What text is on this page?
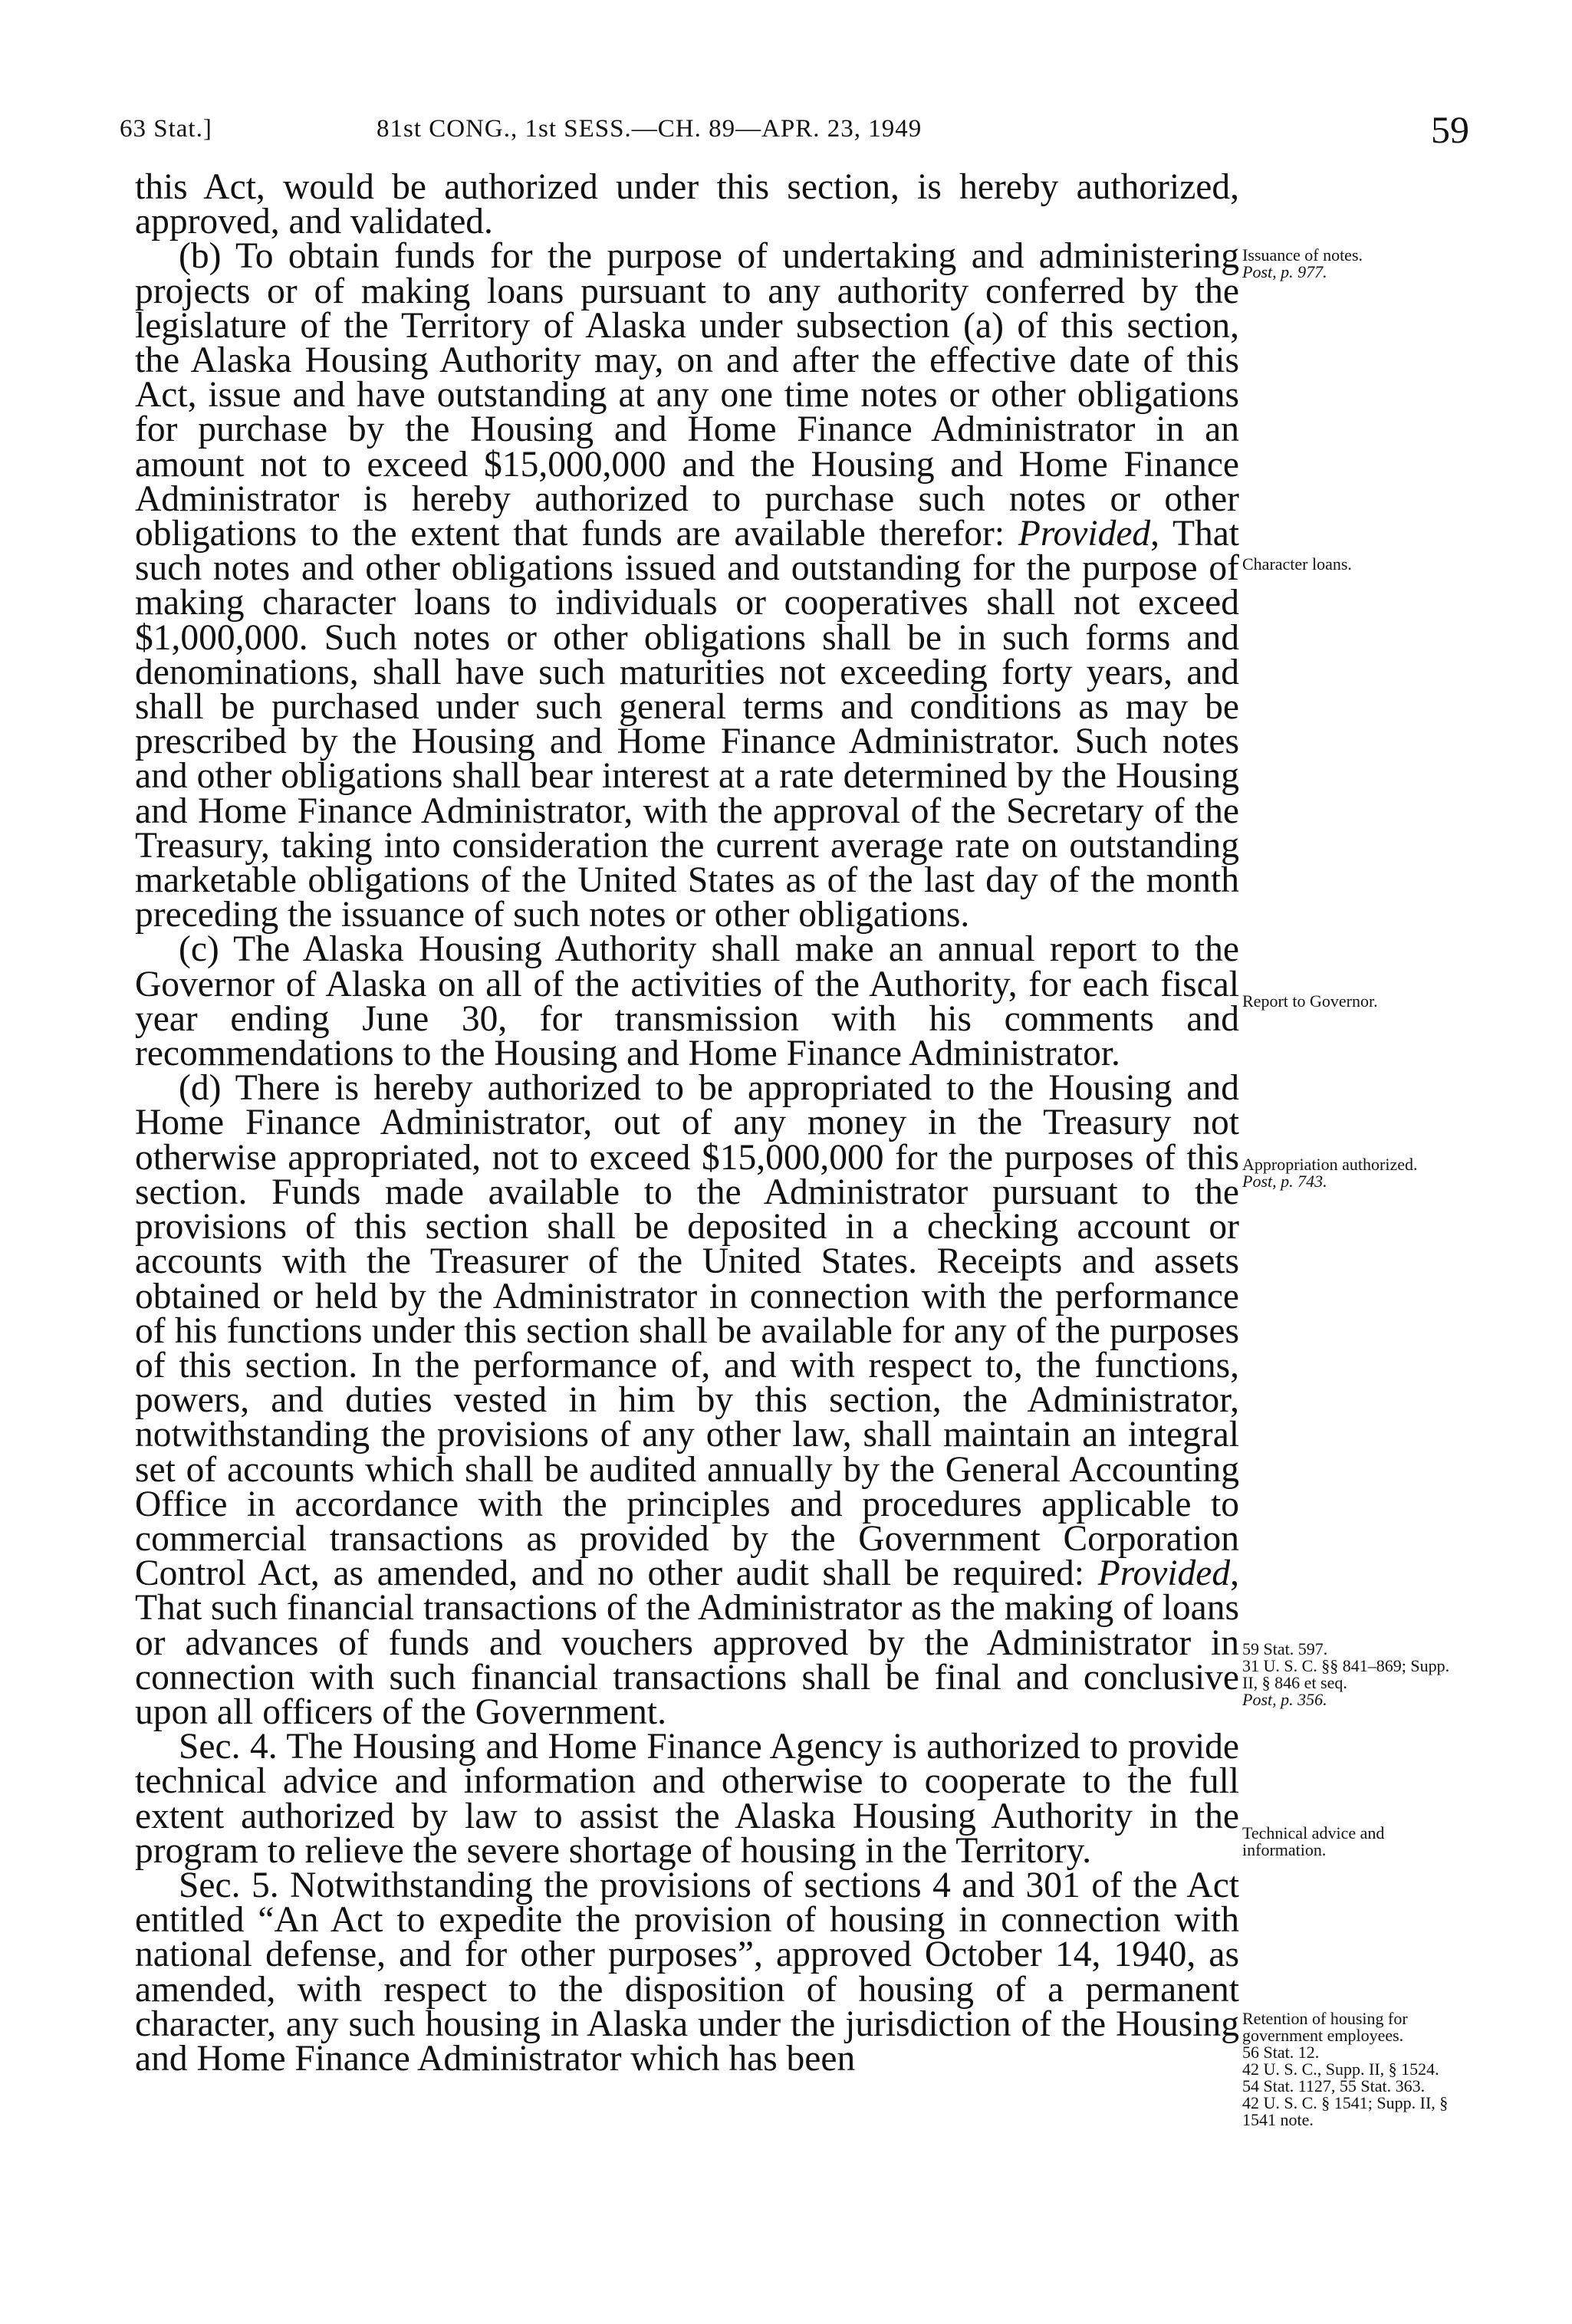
63 Stat.]	81st CONG., 1st SESS.—CH. 89—APR. 23, 1949	59

this Act, would be authorized under this section, is hereby authorized, approved, and validated.

(b) To obtain funds for the purpose of undertaking and administering projects or of making loans pursuant to any authority conferred by the legislature of the Territory of Alaska under subsection (a) of this section, the Alaska Housing Authority may, on and after the effective date of this Act, issue and have outstanding at any one time notes or other obligations for purchase by the Housing and Home Finance Administrator in an amount not to exceed $15,000,000 and the Housing and Home Finance Administrator is hereby authorized to purchase such notes or other obligations to the extent that funds are available therefor: Provided, That such notes and other obligations issued and outstanding for the purpose of making character loans to individuals or cooperatives shall not exceed $1,000,000. Such notes or other obligations shall be in such forms and denominations, shall have such maturities not exceeding forty years, and shall be purchased under such general terms and conditions as may be prescribed by the Housing and Home Finance Administrator. Such notes and other obligations shall bear interest at a rate determined by the Housing and Home Finance Administrator, with the approval of the Secretary of the Treasury, taking into consideration the current average rate on outstanding marketable obligations of the United States as of the last day of the month preceding the issuance of such notes or other obligations.

(c) The Alaska Housing Authority shall make an annual report to the Governor of Alaska on all of the activities of the Authority, for each fiscal year ending June 30, for transmission with his comments and recommendations to the Housing and Home Finance Administrator.

(d) There is hereby authorized to be appropriated to the Housing and Home Finance Administrator, out of any money in the Treasury not otherwise appropriated, not to exceed $15,000,000 for the purposes of this section. Funds made available to the Administrator pursuant to the provisions of this section shall be deposited in a checking account or accounts with the Treasurer of the United States. Receipts and assets obtained or held by the Administrator in connection with the performance of his functions under this section shall be available for any of the purposes of this section. In the performance of, and with respect to, the functions, powers, and duties vested in him by this section, the Administrator, notwithstanding the provisions of any other law, shall maintain an integral set of accounts which shall be audited annually by the General Accounting Office in accordance with the principles and procedures applicable to commercial transactions as provided by the Government Corporation Control Act, as amended, and no other audit shall be required: Provided, That such financial transactions of the Administrator as the making of loans or advances of funds and vouchers approved by the Administrator in connection with such financial transactions shall be final and conclusive upon all officers of the Government.

Sec. 4. The Housing and Home Finance Agency is authorized to provide technical advice and information and otherwise to cooperate to the full extent authorized by law to assist the Alaska Housing Authority in the program to relieve the severe shortage of housing in the Territory.

Sec. 5. Notwithstanding the provisions of sections 4 and 301 of the Act entitled “An Act to expedite the provision of housing in connection with national defense, and for other purposes”, approved October 14, 1940, as amended, with respect to the disposition of housing of a permanent character, any such housing in Alaska under the jurisdiction of the Housing and Home Finance Administrator which has been

Issuance of notes.
Post, p. 977.
Character loans.
Report to Governor.
Appropriation authorized.
Post, p. 743.
59 Stat. 597.
31 U. S. C. §§ 841–869; Supp. II, § 846 et seq.
Post, p. 356.
Technical advice and information.
Retention of housing for government employees.
56 Stat. 12.
42 U. S. C., Supp. II, § 1524.
54 Stat. 1127, 55 Stat. 363.
42 U. S. C. § 1541; Supp. II, § 1541 note.
